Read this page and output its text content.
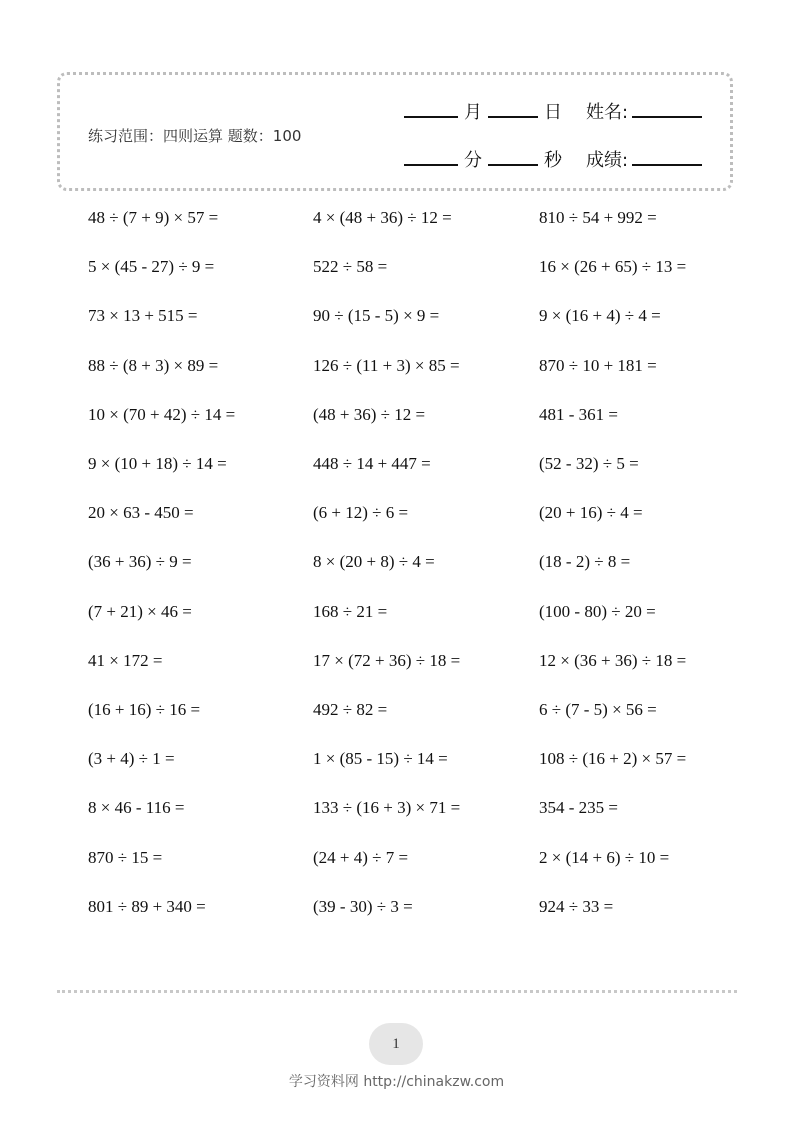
练习范围：四则运算 题数：100
月	日 姓名:
分	秒 成绩:
48 ÷ (7 + 9) × 57 =
5 × (45 - 27) ÷ 9 =
73 × 13 + 515 =
88 ÷ (8 + 3) × 89 =
10 × (70 + 42) ÷ 14 =
9 × (10 + 18) ÷ 14 =
20 × 63 - 450 =
(36 + 36) ÷ 9 =
(7 + 21) × 46 =
41 × 172 =
(16 + 16) ÷ 16 =
(3 + 4) ÷ 1 =
8 × 46 - 116 =
870 ÷ 15 =
801 ÷ 89 + 340 =
4 × (48 + 36) ÷ 12 =
522 ÷ 58 =
90 ÷ (15 - 5) × 9 =
126 ÷ (11 + 3) × 85 =
(48 + 36) ÷ 12 =
448 ÷ 14 + 447 =
(6 + 12) ÷ 6 =
8 × (20 + 8) ÷ 4 =
168 ÷ 21 =
17 × (72 + 36) ÷ 18 =
492 ÷ 82 =
1 × (85 - 15) ÷ 14 =
133 ÷ (16 + 3) × 71 =
(24 + 4) ÷ 7 =
(39 - 30) ÷ 3 =
810 ÷ 54 + 992 =
16 × (26 + 65) ÷ 13 =
9 × (16 + 4) ÷ 4 =
870 ÷ 10 + 181 =
481 - 361 =
(52 - 32) ÷ 5 =
(20 + 16) ÷ 4 =
(18 - 2) ÷ 8 =
(100 - 80) ÷ 20 =
12 × (36 + 36) ÷ 18 =
6 ÷ (7 - 5) × 56 =
108 ÷ (16 + 2) × 57 =
354 - 235 =
2 × (14 + 6) ÷ 10 =
924 ÷ 33 =
1
学习资料网 http://chinakzw.com
